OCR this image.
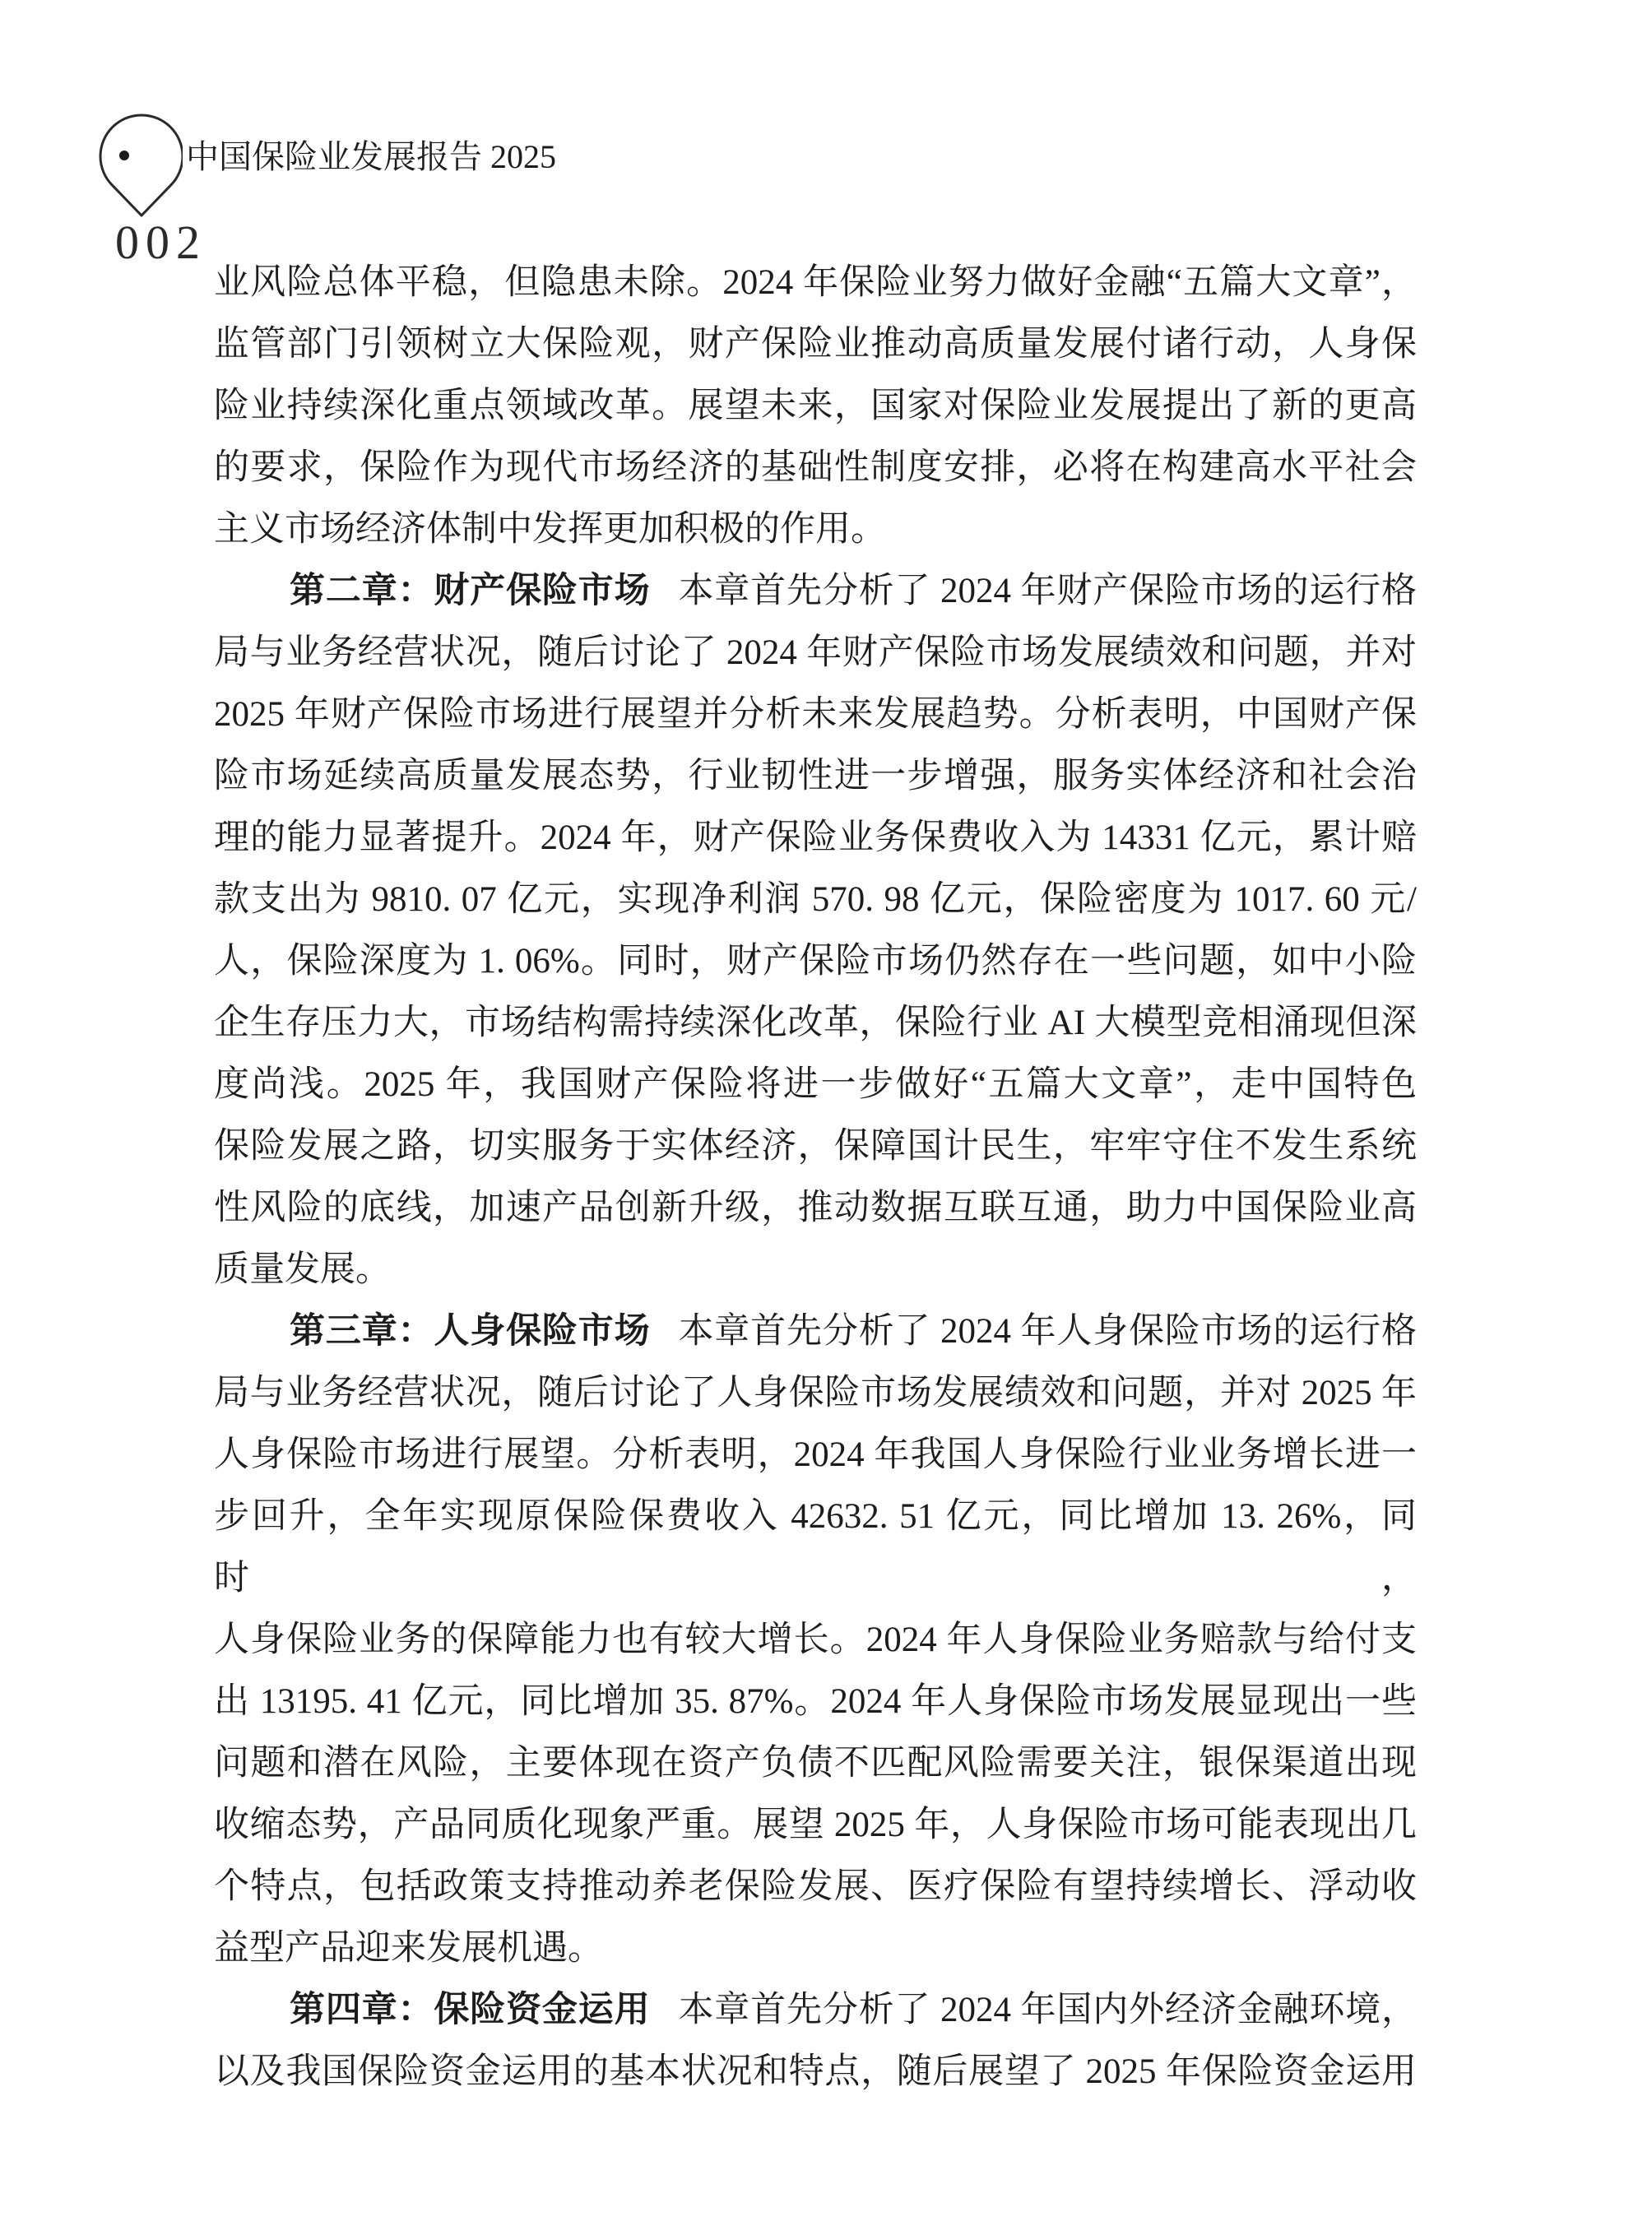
中国保险业发展报告 2025
002
业风险总体平稳，但隐患未除。2024 年保险业努力做好金融“五篇大文章”，
监管部门引领树立大保险观，财产保险业推动高质量发展付诸行动，人身保
险业持续深化重点领域改革。展望未来，国家对保险业发展提出了新的更高
的要求，保险作为现代市场经济的基础性制度安排，必将在构建高水平社会
主义市场经济体制中发挥更加积极的作用。
第二章：财产保险市场 本章首先分析了 2024 年财产保险市场的运行格
局与业务经营状况，随后讨论了 2024 年财产保险市场发展绩效和问题，并对
2025 年财产保险市场进行展望并分析未来发展趋势。分析表明，中国财产保
险市场延续高质量发展态势，行业韧性进一步增强，服务实体经济和社会治
理的能力显著提升。2024 年，财产保险业务保费收入为 14331 亿元，累计赔
款支出为 9810. 07 亿元，实现净利润 570. 98 亿元，保险密度为 1017. 60 元/
人，保险深度为 1. 06%。同时，财产保险市场仍然存在一些问题，如中小险
企生存压力大，市场结构需持续深化改革，保险行业 AI 大模型竞相涌现但深
度尚浅。2025 年，我国财产保险将进一步做好“五篇大文章”，走中国特色
保险发展之路，切实服务于实体经济，保障国计民生，牢牢守住不发生系统
性风险的底线，加速产品创新升级，推动数据互联互通，助力中国保险业高
质量发展。
第三章：人身保险市场 本章首先分析了 2024 年人身保险市场的运行格
局与业务经营状况，随后讨论了人身保险市场发展绩效和问题，并对 2025 年
人身保险市场进行展望。分析表明，2024 年我国人身保险行业业务增长进一
步回升，全年实现原保险保费收入 42632. 51 亿元，同比增加 13. 26%，同时，
人身保险业务的保障能力也有较大增长。2024 年人身保险业务赔款与给付支
出 13195. 41 亿元，同比增加 35. 87%。2024 年人身保险市场发展显现出一些
问题和潜在风险，主要体现在资产负债不匹配风险需要关注，银保渠道出现
收缩态势，产品同质化现象严重。展望 2025 年，人身保险市场可能表现出几
个特点，包括政策支持推动养老保险发展、医疗保险有望持续增长、浮动收
益型产品迎来发展机遇。
第四章：保险资金运用 本章首先分析了 2024 年国内外经济金融环境，
以及我国保险资金运用的基本状况和特点，随后展望了 2025 年保险资金运用
